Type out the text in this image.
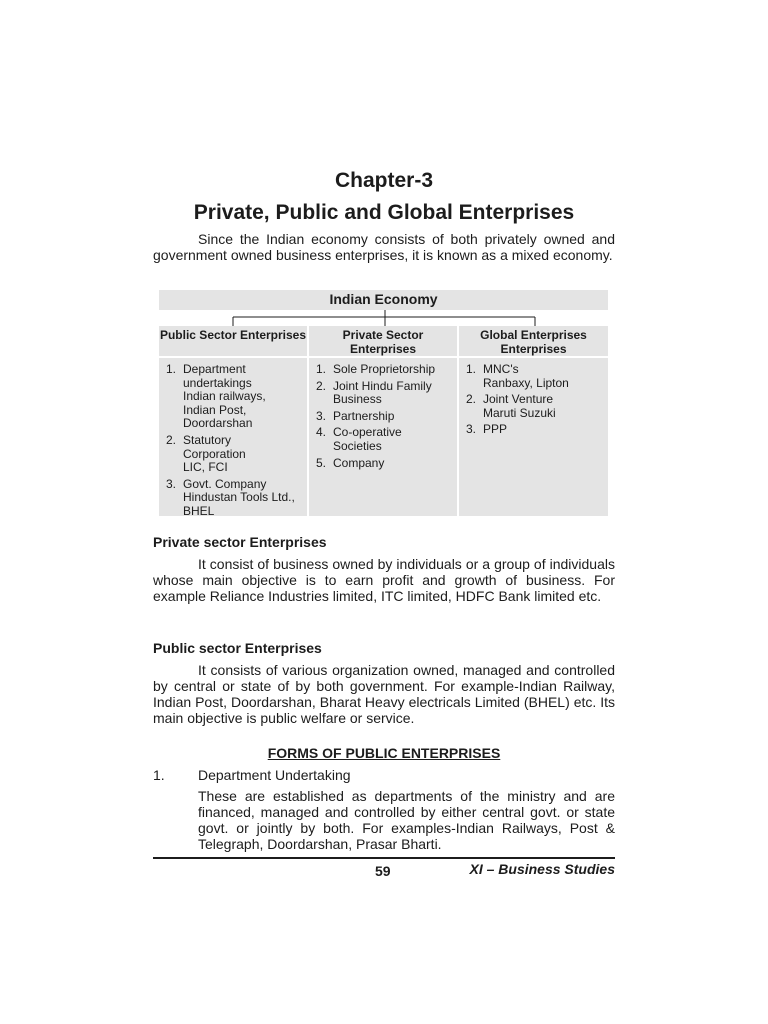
Chapter-3
Private, Public and Global Enterprises

Since the Indian economy consists of both privately owned and government owned business enterprises, it is known as a mixed economy.

Indian Economy
Public Sector Enterprises
1. Department
undertakings
Indian railways,
Indian Post,
Doordarshan
2. Statutory
Corporation
LIC, FCI
3. Govt. Company
Hindustan Tools Ltd.,
BHEL
Private Sector Enterprises
1. Sole Proprietorship
2. Joint Hindu Family
Business
3. Partnership
4. Co-operative
Societies
5. Company
Global Enterprises Enterprises
1. MNC's
Ranbaxy, Lipton
2. Joint Venture
Maruti Suzuki
3. PPP
Private sector Enterprises

It consist of business owned by individuals or a group of individuals whose main objective is to earn profit and growth of business. For example Reliance Industries limited, ITC limited, HDFC Bank limited etc.

Public sector Enterprises

It consists of various organization owned, managed and controlled by central or state of by both government. For example-Indian Railway, Indian Post, Doordarshan, Bharat Heavy electricals Limited (BHEL) etc. Its main objective is public welfare or service.

FORMS OF PUBLIC ENTERPRISES
1. Department Undertaking

These are established as departments of the ministry and are financed, managed and controlled by either central govt. or state govt. or jointly by both. For examples-Indian Railways, Post & Telegraph, Doordarshan, Prasar Bharti.

59	XI – Business Studies
